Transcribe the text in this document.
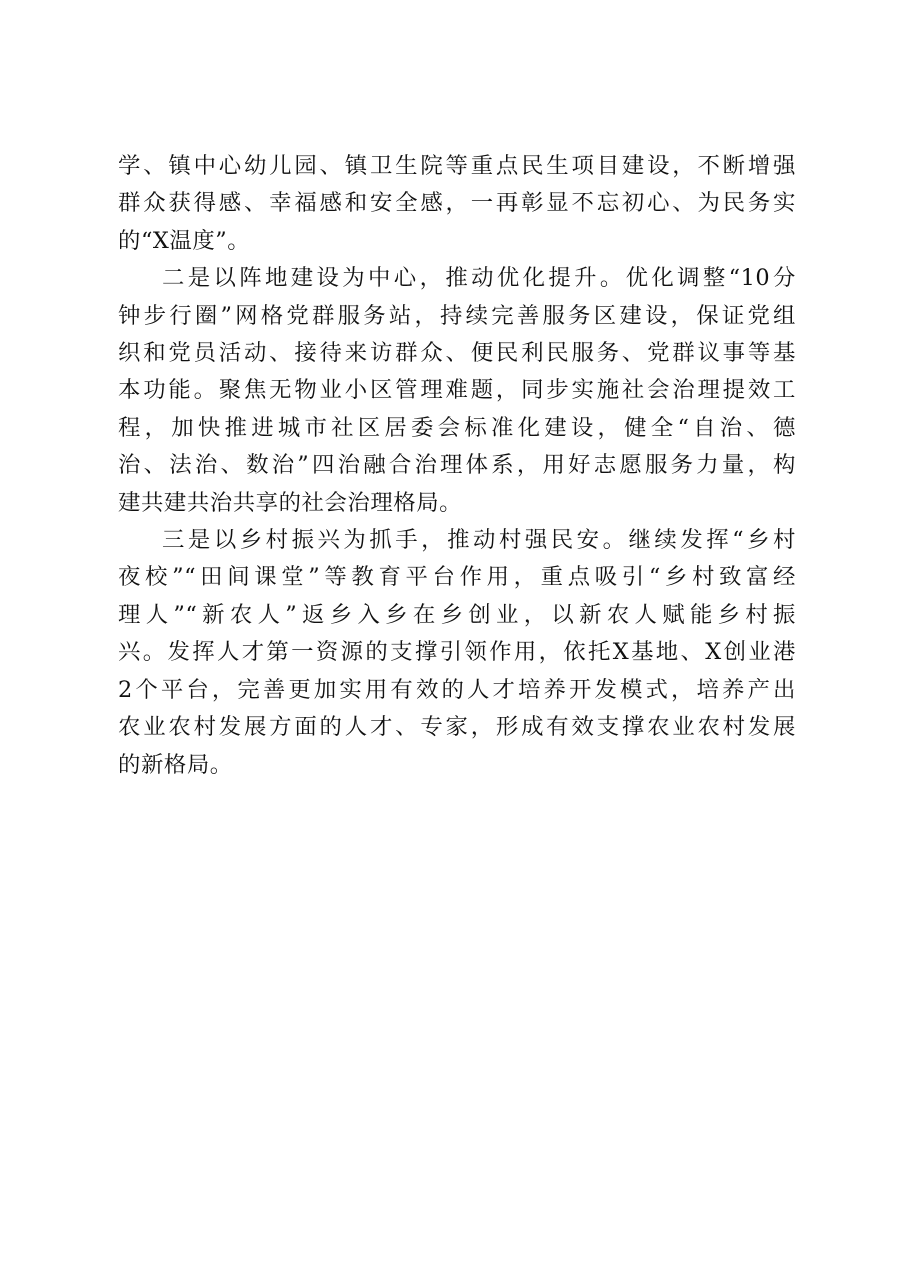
学、镇中心幼儿园、镇卫生院等重点民生项目建设，不断增强
群众获得感、幸福感和安全感，一再彰显不忘初心、为民务实
的“X温度”。

二是以阵地建设为中心，推动优化提升。优化调整“10分
钟步行圈”网格党群服务站，持续完善服务区建设，保证党组
织和党员活动、接待来访群众、便民利民服务、党群议事等基
本功能。聚焦无物业小区管理难题，同步实施社会治理提效工
程，加快推进城市社区居委会标准化建设，健全“自治、德
治、法治、数治”四治融合治理体系，用好志愿服务力量，构
建共建共治共享的社会治理格局。

三是以乡村振兴为抓手，推动村强民安。继续发挥“乡村
夜校”“田间课堂”等教育平台作用，重点吸引“乡村致富经
理人”“新农人”返乡入乡在乡创业，以新农人赋能乡村振
兴。发挥人才第一资源的支撑引领作用，依托X基地、X创业港
2个平台，完善更加实用有效的人才培养开发模式，培养产出
农业农村发展方面的人才、专家，形成有效支撑农业农村发展
的新格局。
